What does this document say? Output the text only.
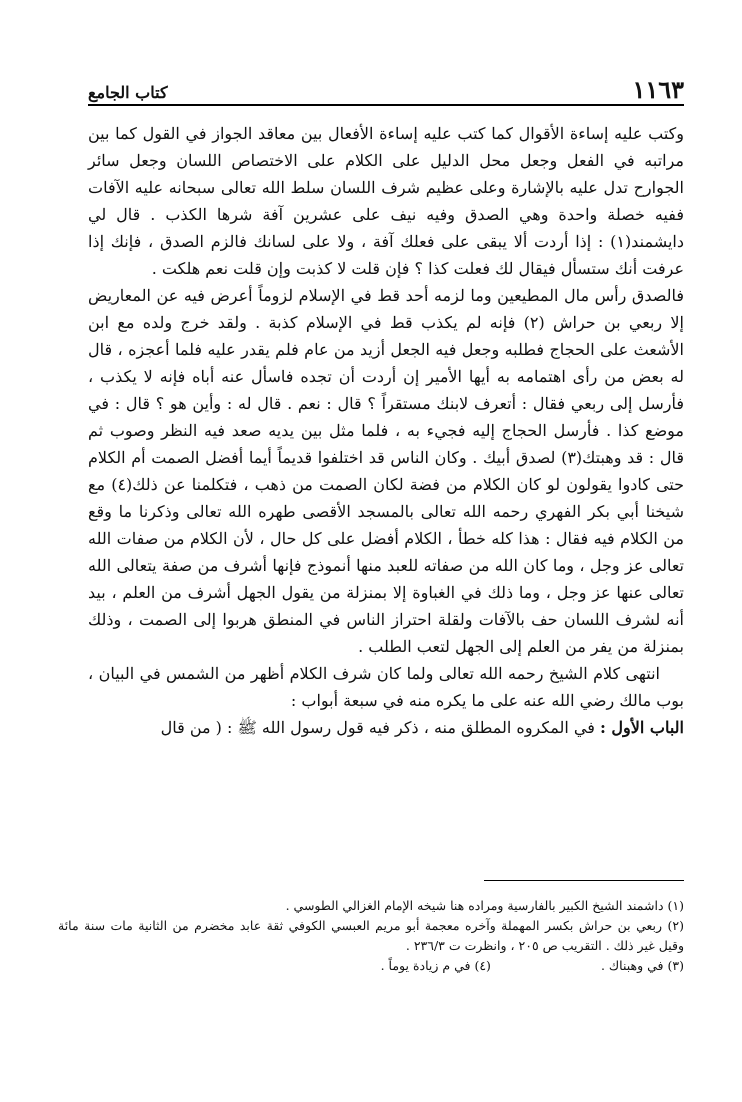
١١٦٣
كتاب الجامع

وكتب عليه إساءة الأقوال كما كتب عليه إساءة الأفعال بين معاقد الجواز في القول كما بين مراتبه في الفعل وجعل محل الدليل على الكلام على الاختصاص اللسان وجعل سائر الجوارح تدل عليه بالإشارة وعلى عظيم شرف اللسان سلط الله تعالى سبحانه عليه الآفات ففيه خصلة واحدة وهي الصدق وفيه نيف على عشرين آفة شرها الكذب . قال لي دايشمند(١) : إذا أردت ألا يبقى على فعلك آفة ، ولا على لسانك فالزم الصدق ، فإنك إذا عرفت أنك ستسأل فيقال لك فعلت كذا ؟ فإن قلت لا كذبت وإن قلت نعم هلكت .

فالصدق رأس مال المطيعين وما لزمه أحد قط في الإسلام لزوماً أعرض فيه عن المعاريض إلا ربعي بن حراش (٢) فإنه لم يكذب قط في الإسلام كذبة . ولقد خرج ولده مع ابن الأشعث على الحجاج فطلبه وجعل فيه الجعل أزيد من عام فلم يقدر عليه فلما أعجزه ، قال له بعض من رأى اهتمامه به أيها الأمير إن أردت أن تجده فاسأل عنه أباه فإنه لا يكذب ، فأرسل إلى ربعي فقال : أتعرف لابنك مستقراً ؟ قال : نعم . قال له : وأين هو ؟ قال : في موضع كذا . فأرسل الحجاج إليه فجيء به ، فلما مثل بين يديه صعد فيه النظر وصوب ثم قال : قد وهبتك(٣) لصدق أبيك . وكان الناس قد اختلفوا قديماً أيما أفضل الصمت أم الكلام حتى كادوا يقولون لو كان الكلام من فضة لكان الصمت من ذهب ، فتكلمنا عن ذلك(٤) مع شيخنا أبي بكر الفهري رحمه الله تعالى بالمسجد الأقصى طهره الله تعالى وذكرنا ما وقع من الكلام فيه فقال : هذا كله خطأ ، الكلام أفضل على كل حال ، لأن الكلام من صفات الله تعالى عز وجل ، وما كان الله من صفاته للعبد منها أنموذج فإنها أشرف من صفة يتعالى الله تعالى عنها عز وجل ، وما ذلك في الغباوة إلا بمنزلة من يقول الجهل أشرف من العلم ، بيد أنه لشرف اللسان حف بالآفات ولقلة احتراز الناس في المنطق هربوا إلى الصمت ، وذلك بمنزلة من يفر من العلم إلى الجهل لتعب الطلب .

انتهى كلام الشيخ رحمه الله تعالى ولما كان شرف الكلام أظهر من الشمس في البيان ، بوب مالك رضي الله عنه على ما يكره منه في سبعة أبواب :

الباب الأول : في المكروه المطلق منه ، ذكر فيه قول رسول الله ﷺ : ( من قال

(١) داشمند الشيخ الكبير بالفارسية ومراده هنا شيخه الإمام الغزالي الطوسي .

(٢) ربعي بن حراش بكسر المهملة وآخره معجمة أبو مريم العبسي الكوفي ثقة عابد مخضرم من الثانية مات سنة مائة وقيل غير ذلك . التقريب ص ٢٠٥ ، وانظرت ت ٢٣٦/٣ .

(٣) في وهبناك .
(٤) في م زيادة يوماً .
